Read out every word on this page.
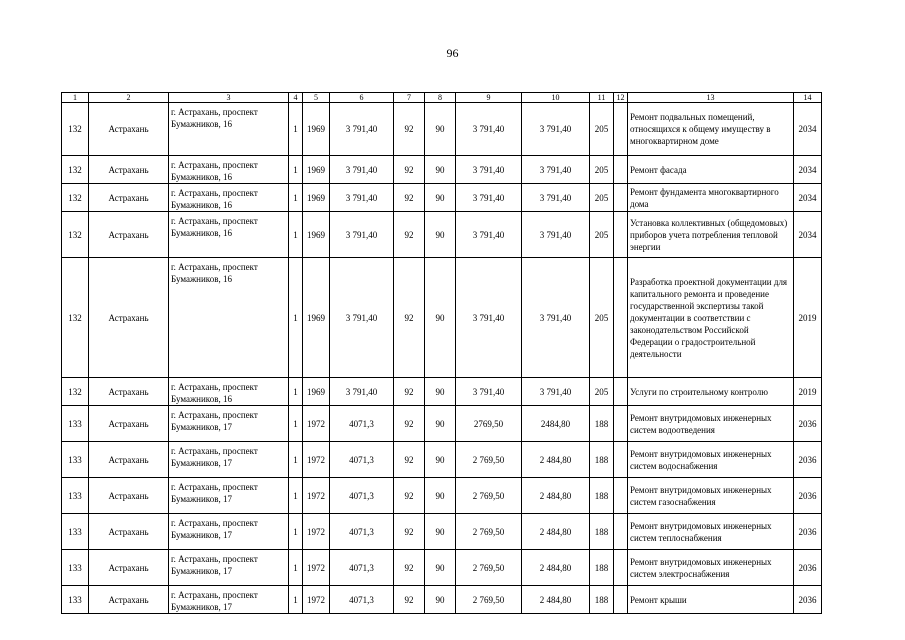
96
1	2	3	4	5	6	7	8	9	10	11	12	13	14
132	Астрахань	г. Астрахань, проспект Бумажников, 16	1	1969	3 791,40	92	90	3 791,40	3 791,40	205		Ремонт подвальных помещений, относящихся к общему имуществу в многоквартирном доме	2034
132	Астрахань	г. Астрахань, проспект Бумажников, 16	1	1969	3 791,40	92	90	3 791,40	3 791,40	205		Ремонт фасада	2034
132	Астрахань	г. Астрахань, проспект Бумажников, 16	1	1969	3 791,40	92	90	3 791,40	3 791,40	205		Ремонт фундамента многоквартирного дома	2034
132	Астрахань	г. Астрахань, проспект Бумажников, 16	1	1969	3 791,40	92	90	3 791,40	3 791,40	205		Установка коллективных (общедомовых) приборов учета потребления тепловой энергии	2034
132	Астрахань	г. Астрахань, проспект Бумажников, 16	1	1969	3 791,40	92	90	3 791,40	3 791,40	205		Разработка проектной документации для капитального ремонта и проведение государственной экспертизы такой документации в соответствии с законодательством Российской Федерации о градостроительной деятельности	2019
132	Астрахань	г. Астрахань, проспект Бумажников, 16	1	1969	3 791,40	92	90	3 791,40	3 791,40	205		Услуги по строительному контролю	2019
133	Астрахань	г. Астрахань, проспект Бумажников, 17	1	1972	4071,3	92	90	2769,50	2484,80	188		Ремонт внутридомовых инженерных систем водоотведения	2036
133	Астрахань	г. Астрахань, проспект Бумажников, 17	1	1972	4071,3	92	90	2 769,50	2 484,80	188		Ремонт внутридомовых инженерных систем водоснабжения	2036
133	Астрахань	г. Астрахань, проспект Бумажников, 17	1	1972	4071,3	92	90	2 769,50	2 484,80	188		Ремонт внутридомовых инженерных систем газоснабжения	2036
133	Астрахань	г. Астрахань, проспект Бумажников, 17	1	1972	4071,3	92	90	2 769,50	2 484,80	188		Ремонт внутридомовых инженерных систем теплоснабжения	2036
133	Астрахань	г. Астрахань, проспект Бумажников, 17	1	1972	4071,3	92	90	2 769,50	2 484,80	188		Ремонт внутридомовых инженерных систем электроснабжения	2036
133	Астрахань	г. Астрахань, проспект Бумажников, 17	1	1972	4071,3	92	90	2 769,50	2 484,80	188		Ремонт крыши	2036
